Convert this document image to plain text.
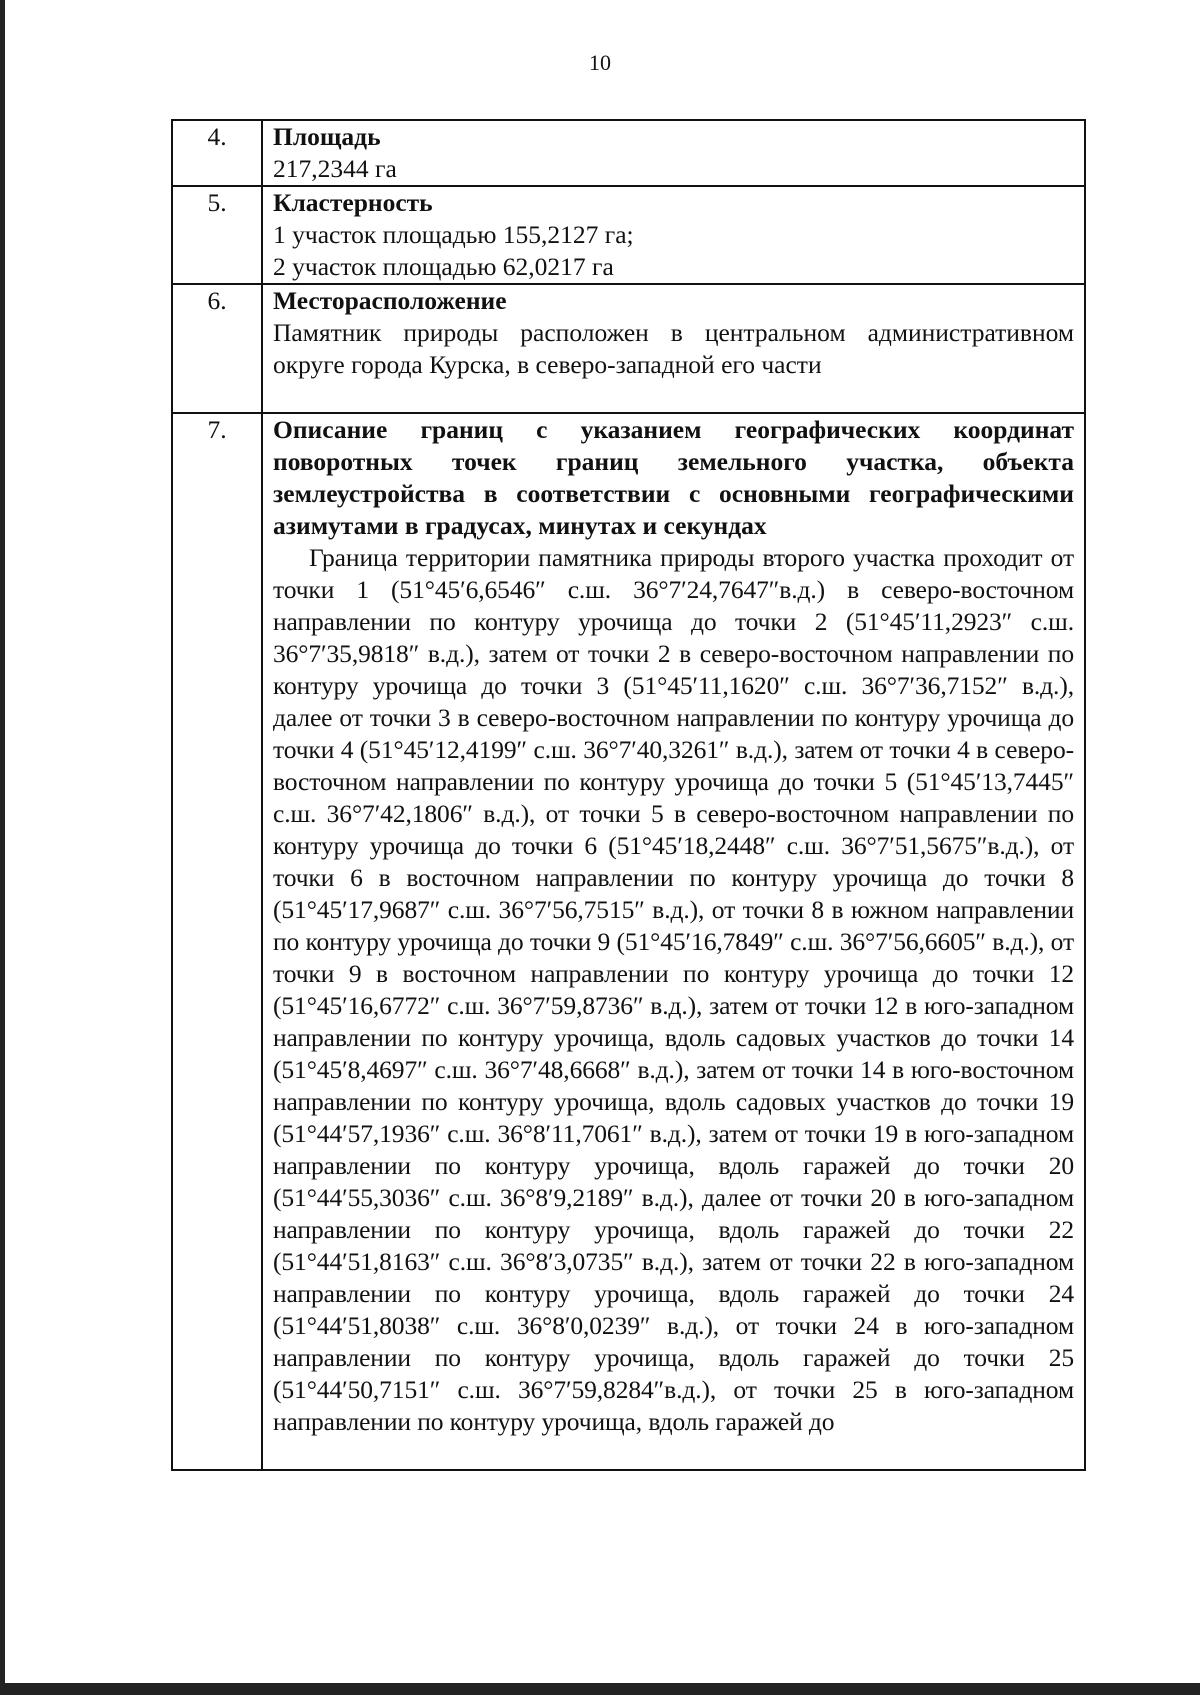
10
4.	Площадь
217,2344 га

5.	Кластерность
1 участок площадью 155,2127 га;
2 участок площадью 62,0217 га

6.	Месторасположение
Памятник природы расположен в центральном административном округе города Курска, в северо-западной его части

7.	Описание границ с указанием географических координат поворотных точек границ земельного участка, объекта землеустройства в соответствии с основными географическими азимутами в градусах, минутах и секундах
Граница территории памятника природы второго участка проходит от точки 1 (51°45′6,6546″ с.ш. 36°7′24,7647″в.д.) в северо-восточном направлении по контуру урочища до точки 2 (51°45′11,2923″ с.ш. 36°7′35,9818″ в.д.), затем от точки 2 в северо-восточном направлении по контуру урочища до точки 3 (51°45′11,1620″ с.ш. 36°7′36,7152″ в.д.), далее от точки 3 в северо-восточном направлении по контуру урочища до точки 4 (51°45′12,4199″ с.ш. 36°7′40,3261″ в.д.), затем от точки 4 в северо-восточном направлении по контуру урочища до точки 5 (51°45′13,7445″ с.ш. 36°7′42,1806″ в.д.), от точки 5 в северо-восточном направлении по контуру урочища до точки 6 (51°45′18,2448″ с.ш. 36°7′51,5675″в.д.), от точки 6 в восточном направлении по контуру урочища до точки 8 (51°45′17,9687″ с.ш. 36°7′56,7515″ в.д.), от точки 8 в южном направлении по контуру урочища до точки 9 (51°45′16,7849″ с.ш. 36°7′56,6605″ в.д.), от точки 9 в восточном направлении по контуру урочища до точки 12 (51°45′16,6772″ с.ш. 36°7′59,8736″ в.д.), затем от точки 12 в юго-западном направлении по контуру урочища, вдоль садовых участков до точки 14 (51°45′8,4697″ с.ш. 36°7′48,6668″ в.д.), затем от точки 14 в юго-восточном направлении по контуру урочища, вдоль садовых участков до точки 19 (51°44′57,1936″ с.ш. 36°8′11,7061″ в.д.), затем от точки 19 в юго-западном направлении по контуру урочища, вдоль гаражей до точки 20 (51°44′55,3036″ с.ш. 36°8′9,2189″ в.д.), далее от точки 20 в юго-западном направлении по контуру урочища, вдоль гаражей до точки 22 (51°44′51,8163″ с.ш. 36°8′3,0735″ в.д.), затем от точки 22 в юго-западном направлении по контуру урочища, вдоль гаражей до точки 24 (51°44′51,8038″ с.ш. 36°8′0,0239″ в.д.), от точки 24 в юго-западном направлении по контуру урочища, вдоль гаражей до точки 25 (51°44′50,7151″ с.ш. 36°7′59,8284″в.д.), от точки 25 в юго-западном направлении по контуру урочища, вдоль гаражей до
